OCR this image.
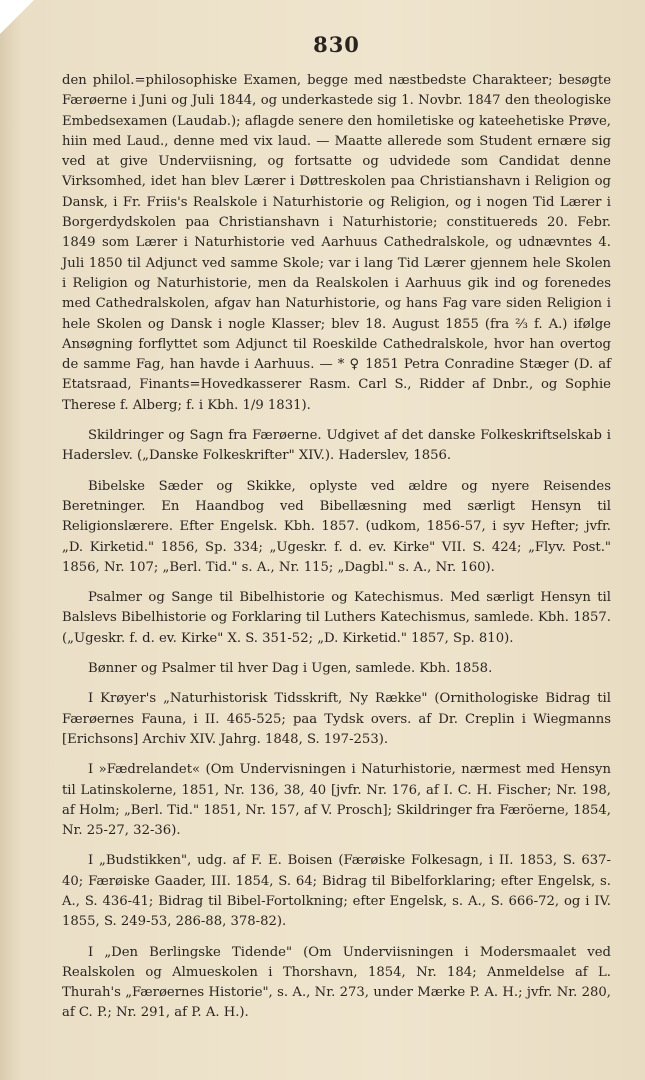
830

den philol.=philosophiske Examen, begge med næstbedste Charakteer; besøgte Færøerne i Juni og Juli 1844, og underkastede sig 1. Novbr. 1847 den theologiske Embedsexamen (Laudab.); aflagde senere den homiletiske og kateehetiske Prøve, hiin med Laud., denne med vix laud. — Maatte allerede som Student ernære sig ved at give Underviisning, og fortsatte og udvidede som Candidat denne Virksomhed, idet han blev Lærer i Døttreskolen paa Christianshavn i Religion og Dansk, i Fr. Friis's Realskole i Naturhistorie og Religion, og i nogen Tid Lærer i Borgerdydskolen paa Christianshavn i Naturhistorie; constituereds 20. Febr. 1849 som Lærer i Naturhistorie ved Aarhuus Cathedralskole, og udnævntes 4. Juli 1850 til Adjunct ved samme Skole; var i lang Tid Lærer gjennem hele Skolen i Religion og Naturhistorie, men da Realskolen i Aarhuus gik ind og forenedes med Cathedralskolen, afgav han Naturhistorie, og hans Fag vare siden Religion i hele Skolen og Dansk i nogle Klasser; blev 18. August 1855 (fra ⅔ f. A.) ifølge Ansøgning forflyttet som Adjunct til Roeskilde Cathedralskole, hvor han overtog de samme Fag, han havde i Aarhuus. — * ♀ 1851 Petra Conradine Stæger (D. af Etatsraad, Finants=Hovedkasserer Rasm. Carl S., Ridder af Dnbr., og Sophie Therese f. Alberg; f. i Kbh. 1/9 1831).

Skildringer og Sagn fra Færøerne. Udgivet af det danske Folkeskriftselskab i Haderslev. („Danske Folkeskrifter" XIV.). Haderslev, 1856.

Bibelske Sæder og Skikke, oplyste ved ældre og nyere Reisendes Beretninger. En Haandbog ved Bibellæsning med særligt Hensyn til Religionslærere. Efter Engelsk. Kbh. 1857. (udkom, 1856-57, i syv Hefter; jvfr. „D. Kirketid." 1856, Sp. 334; „Ugeskr. f. d. ev. Kirke" VII. S. 424; „Flyv. Post." 1856, Nr. 107; „Berl. Tid." s. A., Nr. 115; „Dagbl." s. A., Nr. 160).

Psalmer og Sange til Bibelhistorie og Katechismus. Med særligt Hensyn til Balslevs Bibelhistorie og Forklaring til Luthers Katechismus, samlede. Kbh. 1857. („Ugeskr. f. d. ev. Kirke" X. S. 351-52; „D. Kirketid." 1857, Sp. 810).

Bønner og Psalmer til hver Dag i Ugen, samlede. Kbh. 1858.

I Krøyer's „Naturhistorisk Tidsskrift, Ny Række" (Ornithologiske Bidrag til Færøernes Fauna, i II. 465-525; paa Tydsk overs. af Dr. Creplin i Wiegmanns [Erichsons] Archiv XIV. Jahrg. 1848, S. 197-253).

I »Fædrelandet« (Om Undervisningen i Naturhistorie, nærmest med Hensyn til Latinskolerne, 1851, Nr. 136, 38, 40 [jvfr. Nr. 176, af I. C. H. Fischer; Nr. 198, af Holm; „Berl. Tid." 1851, Nr. 157, af V. Prosch]; Skildringer fra Færöerne, 1854, Nr. 25-27, 32-36).

I „Budstikken", udg. af F. E. Boisen (Færøiske Folkesagn, i II. 1853, S. 637-40; Færøiske Gaader, III. 1854, S. 64; Bidrag til Bibelforklaring; efter Engelsk, s. A., S. 436-41; Bidrag til Bibel-Fortolkning; efter Engelsk, s. A., S. 666-72, og i IV. 1855, S. 249-53, 286-88, 378-82).

I „Den Berlingske Tidende" (Om Underviisningen i Modersmaalet ved Realskolen og Almueskolen i Thorshavn, 1854, Nr. 184; Anmeldelse af L. Thurah's „Færøernes Historie", s. A., Nr. 273, under Mærke P. A. H.; jvfr. Nr. 280, af C. P.; Nr. 291, af P. A. H.).
